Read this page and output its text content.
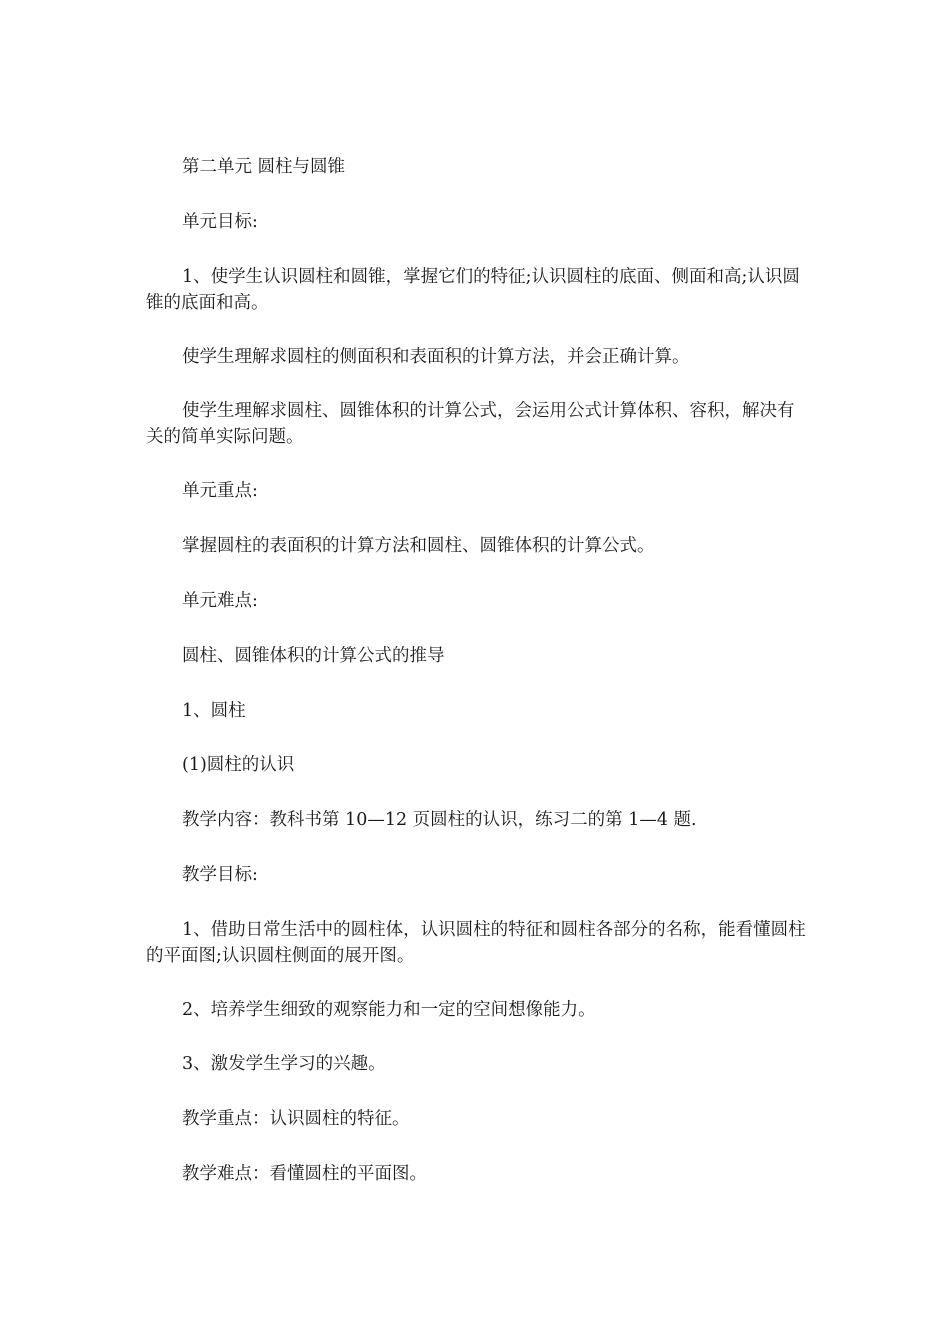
第二单元 圆柱与圆锥

单元目标:

1、使学生认识圆柱和圆锥，掌握它们的特征;认识圆柱的底面、侧面和高;认识圆锥的底面和高。

使学生理解求圆柱的侧面积和表面积的计算方法，并会正确计算。

使学生理解求圆柱、圆锥体积的计算公式，会运用公式计算体积、容积，解决有关的简单实际问题。

单元重点:

掌握圆柱的表面积的计算方法和圆柱、圆锥体积的计算公式。

单元难点:

圆柱、圆锥体积的计算公式的推导

1、圆柱

(1)圆柱的认识

教学内容：教科书第 10—12 页圆柱的认识，练习二的第 1—4 题.

教学目标:

1、借助日常生活中的圆柱体，认识圆柱的特征和圆柱各部分的名称，能看懂圆柱的平面图;认识圆柱侧面的展开图。

2、培养学生细致的观察能力和一定的空间想像能力。

3、激发学生学习的兴趣。

教学重点：认识圆柱的特征。

教学难点：看懂圆柱的平面图。
